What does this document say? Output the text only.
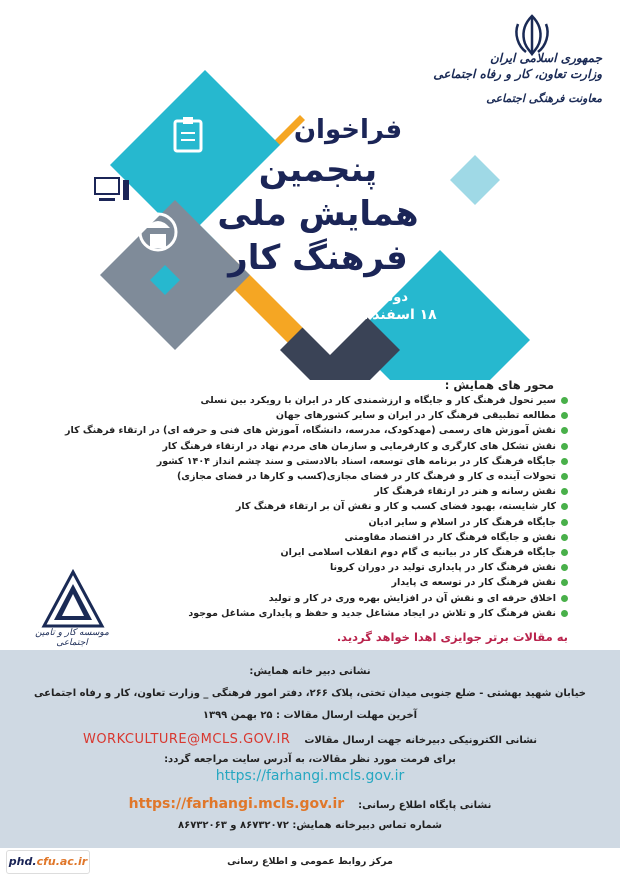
جمهوری اسلامی ایران
وزارت تعاون، کار و رفاه اجتماعی
معاونت فرهنگی اجتماعی
فراخوان
پنجمین
همایش ملی
فرهنگ کار
دوشنبه
۱۸ اسفند ۱۳۹۹
محور های همایش :
سیر تحول فرهنگ کار و جایگاه و ارزشمندی کار در ایران با رویکرد بین نسلی
مطالعه تطبیقی فرهنگ کار در ایران و سایر کشورهای جهان
نقش آموزش های رسمی (مهدکودک، مدرسه، دانشگاه، آموزش های فنی و حرفه ای) در ارتقاء فرهنگ کار
نقش تشکل های کارگری و کارفرمایی و سازمان های مردم نهاد در ارتقاء فرهنگ کار
جایگاه فرهنگ کار در برنامه های توسعه، اسناد بالادستی و سند چشم انداز ۱۴۰۴ کشور
تحولات آینده ی کار و فرهنگ کار در فضای مجازی(کسب و کارها در فضای مجازی)
نقش رسانه و هنر در ارتقاء فرهنگ کار
کار شایسته، بهبود فضای کسب و کار و نقش آن بر ارتقاء فرهنگ کار
جایگاه فرهنگ کار در اسلام و سایر ادیان
نقش و جایگاه فرهنگ کار در اقتصاد مقاومتی
جایگاه فرهنگ کار در بیانیه ی گام دوم انقلاب اسلامی ایران
نقش فرهنگ کار در پایداری تولید در دوران کرونا
نقش فرهنگ کار در توسعه ی پایدار
اخلاق حرفه ای و نقش آن در افزایش بهره وری در کار و تولید
نقش فرهنگ کار و تلاش در ایجاد مشاغل جدید و حفظ و پایداری مشاغل موجود
به مقالات برتر جوایزی اهدا خواهد گردید.
موسسه کار و تامین اجتماعی
نشانی دبیر خانه همایش:
خیابان شهید بهشتی - ضلع جنوبی میدان تختی، پلاک ۲۶۶، دفتر امور فرهنگی _ وزارت تعاون، کار و رفاه اجتماعی
آخرین مهلت ارسال مقالات : ۲۵ بهمن ۱۳۹۹
نشانی الکترونیکی دبیرخانه جهت ارسال مقالات    WORKCULTURE@MCLS.GOV.IR
برای فرمت مورد نظر مقالات، به آدرس سایت مراجعه گردد:
https://farhangi.mcls.gov.ir
نشانی پایگاه اطلاع رسانی:    https://farhangi.mcls.gov.ir
شماره تماس دبیرخانه همایش: ۸۶۷۳۲۰۷۲ و ۸۶۷۳۲۰۶۳
مرکز روابط عمومی و اطلاع رسانی
phd.cfu.ac.ir
